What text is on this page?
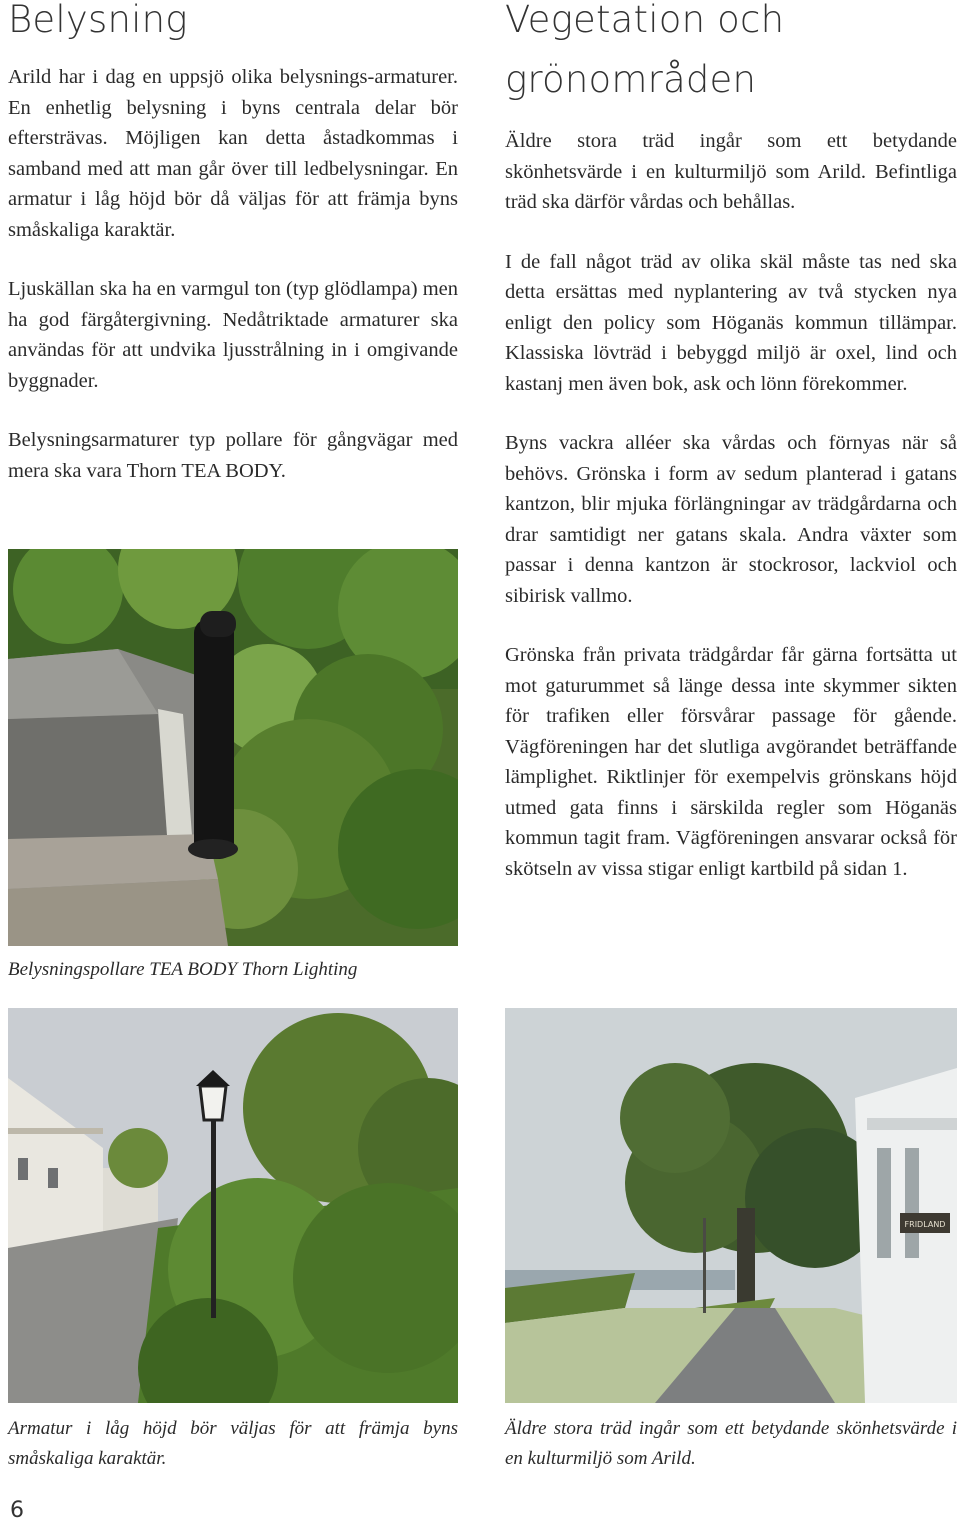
Belysning

Arild har i dag en uppsjö olika belysnings-armaturer. En enhetlig belysning i byns centrala delar bör eftersträvas. Möjligen kan detta åstadkommas i samband med att man går över till ledbelysningar. En armatur i låg höjd bör då väljas för att främja byns småskaliga karaktär.

Ljuskällan ska ha en varmgul ton (typ glödlampa) men ha god färgåtergivning. Nedåtriktade armaturer ska användas för att undvika ljusstrålning in i omgivande byggnader.

Belysningsarmaturer typ pollare för gångvägar med mera ska vara Thorn TEA BODY.

Belysningspollare TEA BODY Thorn Lighting
Armatur i låg höjd bör väljas för att främja byns småskaliga karaktär.
Vegetation och
grönområden

Äldre stora träd ingår som ett betydande skönhetsvärde i en kulturmiljö som Arild. Befintliga träd ska därför vårdas och behållas.

I de fall något träd av olika skäl måste tas ned ska detta ersättas med nyplantering av två stycken nya enligt den policy som Höganäs kommun tillämpar. Klassiska lövträd i bebyggd miljö är oxel, lind och kastanj men även bok, ask och lönn förekommer.

Byns vackra alléer ska vårdas och förnyas när så behövs. Grönska i form av sedum planterad i gatans kantzon, blir mjuka förlängningar av trädgårdarna och drar samtidigt ner gatans skala. Andra växter som passar i denna kantzon är stockrosor, lackviol och sibirisk vallmo.

Grönska från privata trädgårdar får gärna fortsätta ut mot gaturummet så länge dessa inte skymmer sikten för trafiken eller försvårar passage för gående. Vägföreningen har det slutliga avgörandet beträffande lämplighet. Riktlinjer för exempelvis grönskans höjd utmed gata finns i särskilda regler som Höganäs kommun tagit fram. Vägföreningen ansvarar också för skötseln av vissa stigar enligt kartbild på sidan 1.

FRIDLAND
Äldre stora träd ingår som ett betydande skönhetsvärde i en kulturmiljö som Arild.
6
